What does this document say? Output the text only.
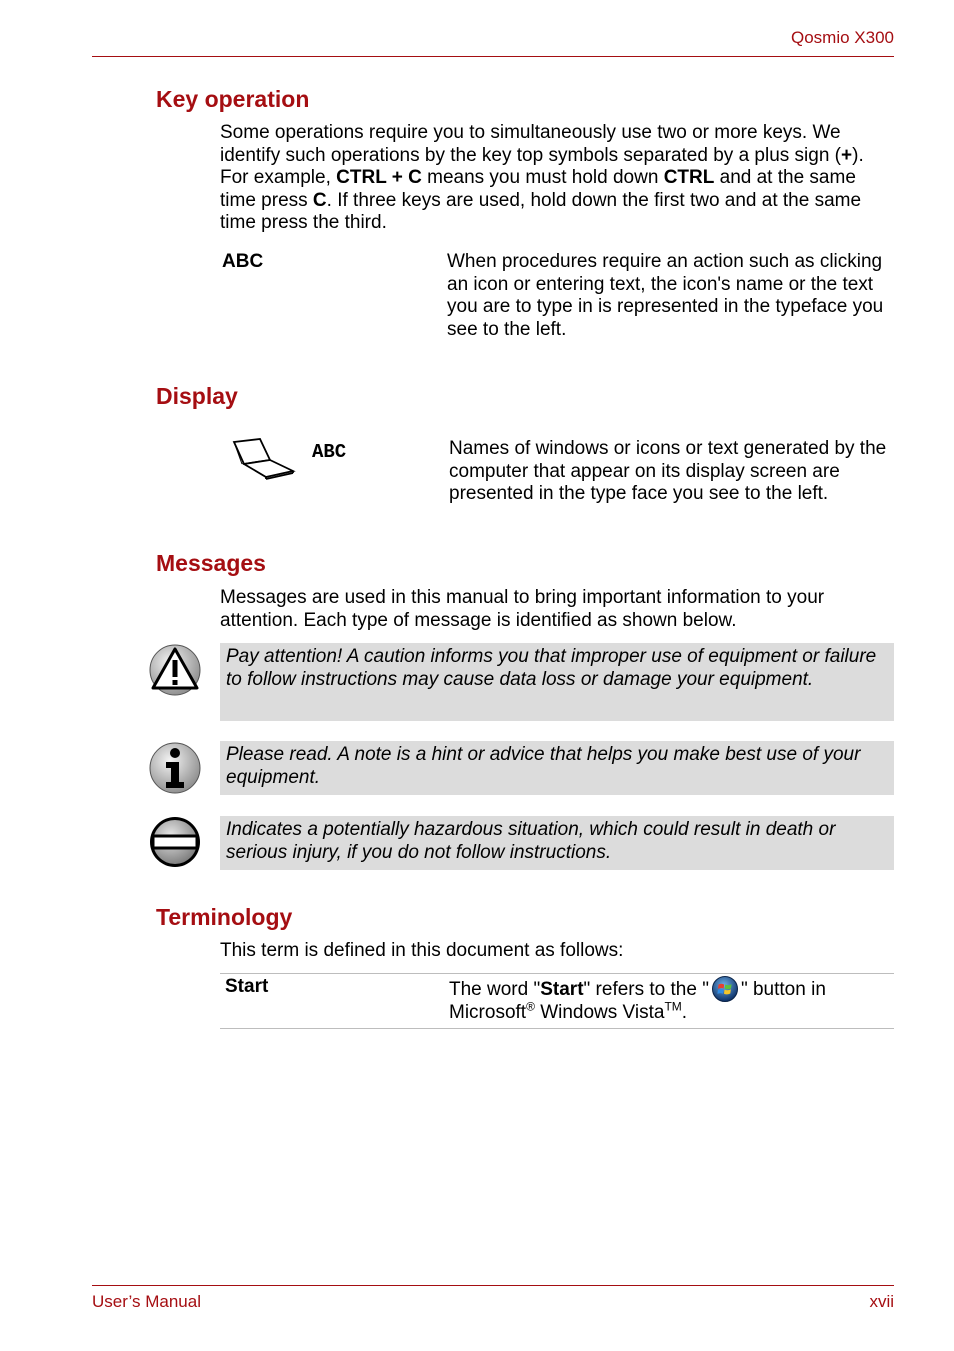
Qosmio X300
Key operation
Some operations require you to simultaneously use two or more keys. We identify such operations by the key top symbols separated by a plus sign (+). For example, CTRL + C means you must hold down CTRL and at the same time press C. If three keys are used, hold down the first two and at the same time press the third.
ABC	When procedures require an action such as clicking an icon or entering text, the icon's name or the text you are to type in is represented in the typeface you see to the left.
Display
ABC	Names of windows or icons or text generated by the computer that appear on its display screen are presented in the type face you see to the left.
Messages
Messages are used in this manual to bring important information to your attention. Each type of message is identified as shown below.
Pay attention! A caution informs you that improper use of equipment or failure to follow instructions may cause data loss or damage your equipment.
Please read. A note is a hint or advice that helps you make best use of your equipment.
Indicates a potentially hazardous situation, which could result in death or serious injury, if you do not follow instructions.
Terminology
This term is defined in this document as follows:
Start	The word "Start" refers to the " " button in Microsoft® Windows Vista™.
User’s Manual	xvii
